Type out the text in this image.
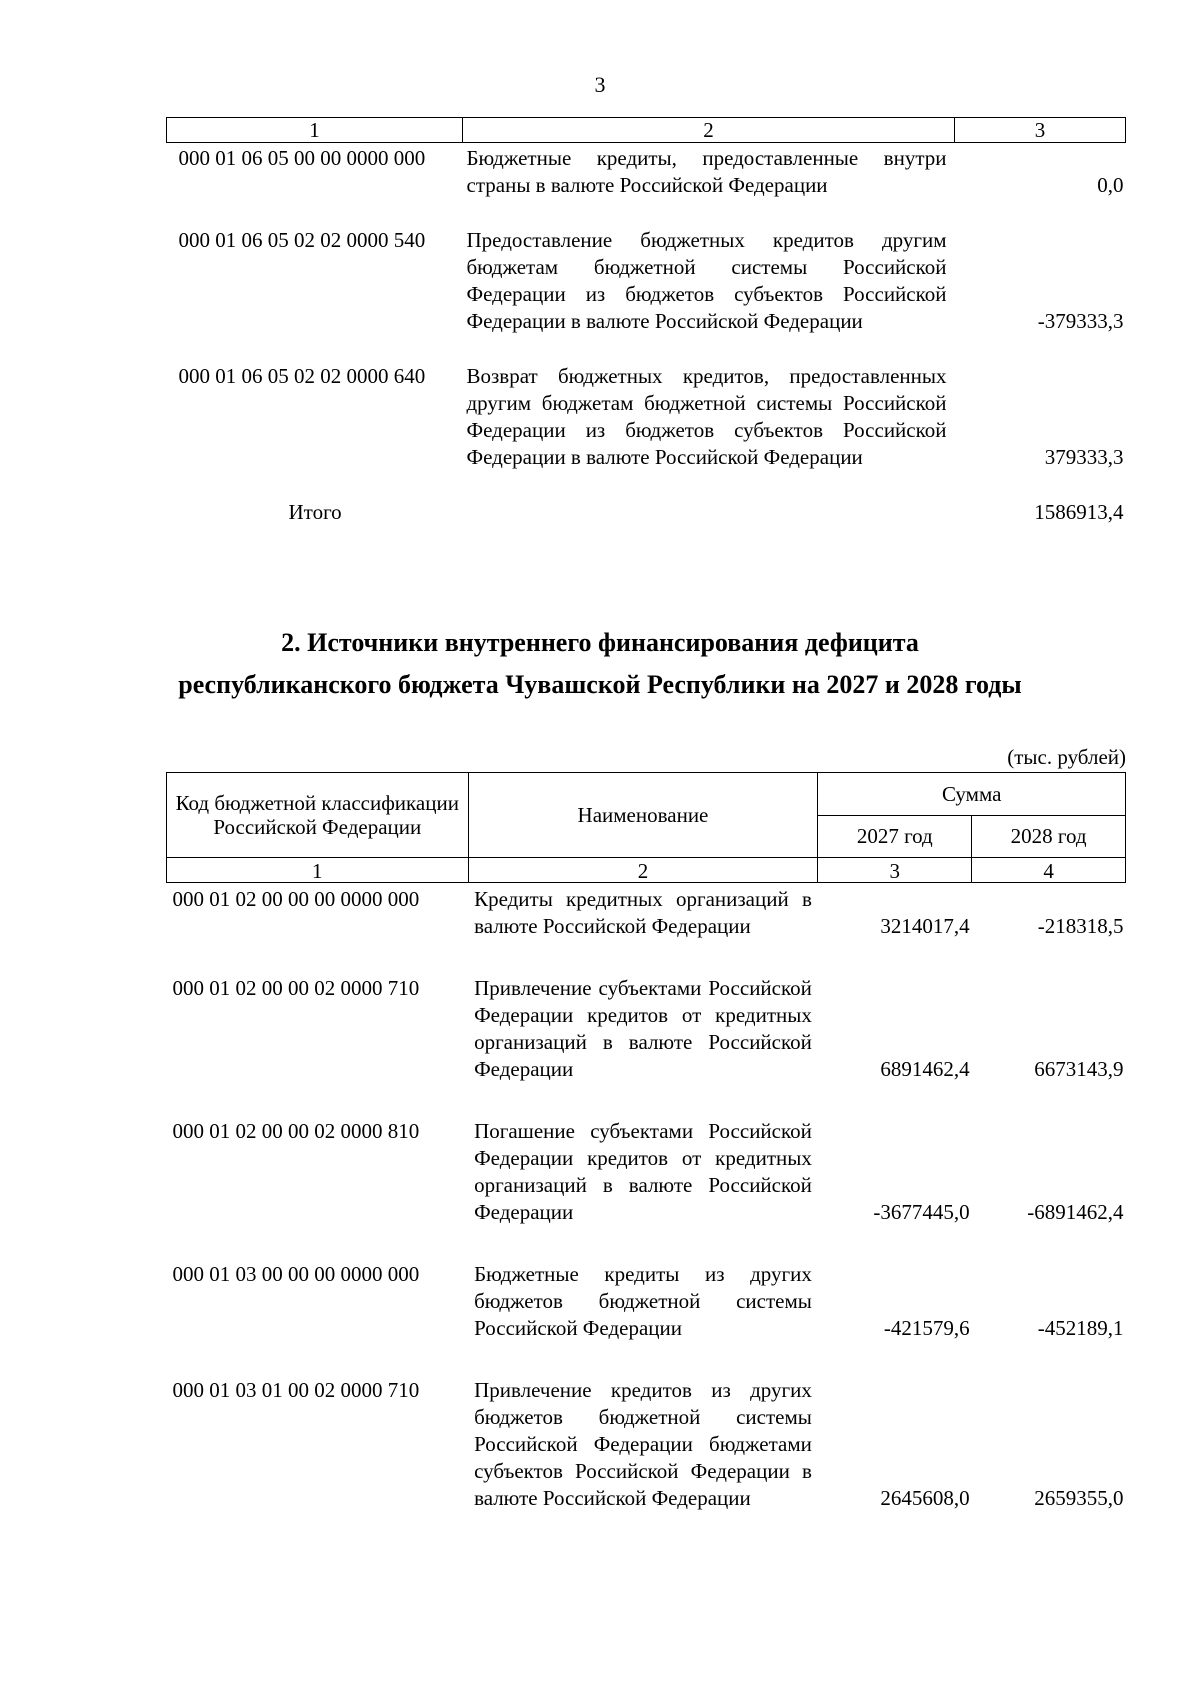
3
1	2	3
000 01 06 05 00 00 0000 000	Бюджетные кредиты, предоставленные внутри страны в валюте Российской Федерации	0,0
000 01 06 05 02 02 0000 540	Предоставление бюджетных кредитов другим бюджетам бюджетной системы Российской Федерации из бюджетов субъектов Российской Федерации в валюте Российской Федерации	-379333,3
000 01 06 05 02 02 0000 640	Возврат бюджетных кредитов, предоставленных другим бюджетам бюджетной системы Российской Федерации из бюджетов субъектов Российской Федерации в валюте Российской Федерации	379333,3
Итого		1586913,4
2. Источники внутреннего финансирования дефицита
республиканского бюджета Чувашской Республики на 2027 и 2028 годы
(тыс. рублей)
Код бюджетной классификации Российской Федерации	Наименование	Сумма	
		2027 год	2028 год
1	2	3	4
000 01 02 00 00 00 0000 000	Кредиты кредитных организаций в валюте Российской Федерации	3214017,4	-218318,5
000 01 02 00 00 02 0000 710	Привлечение субъектами Российской Федерации кредитов от кредитных организаций в валюте Российской Федерации	6891462,4	6673143,9
000 01 02 00 00 02 0000 810	Погашение субъектами Российской Федерации кредитов от кредитных организаций в валюте Российской Федерации	-3677445,0	-6891462,4
000 01 03 00 00 00 0000 000	Бюджетные кредиты из других бюджетов бюджетной системы Российской Федерации	-421579,6	-452189,1
000 01 03 01 00 02 0000 710	Привлечение кредитов из других бюджетов бюджетной системы Российской Федерации бюджетами субъектов Российской Федерации в валюте Российской Федерации	2645608,0	2659355,0
